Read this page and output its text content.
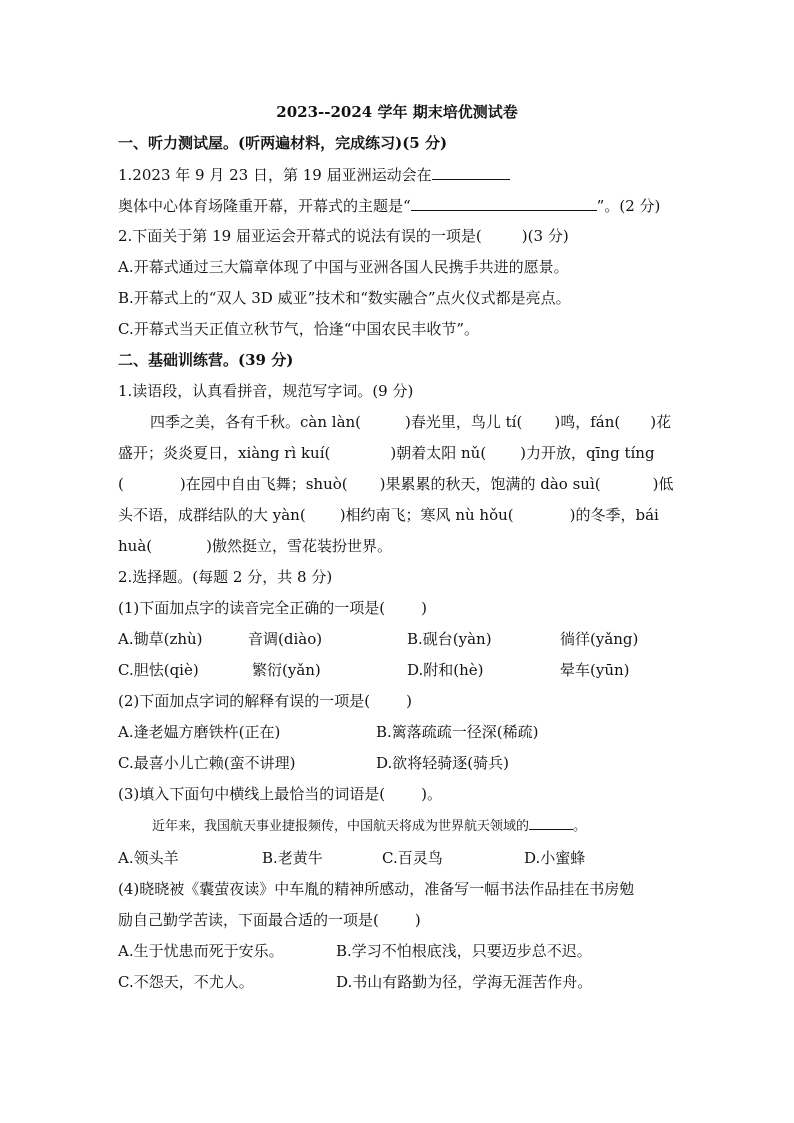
2023--2024 学年 期末培优测试卷
一、听力测试屋。(听两遍材料，完成练习)(5 分)
1.2023 年 9 月 23 日，第 19 届亚洲运动会在
奥体中心体育场隆重开幕，开幕式的主题是“	”。(2 分)
2.下面关于第 19 届亚运会开幕式的说法有误的一项是(	)(3 分)
A.开幕式通过三大篇章体现了中国与亚洲各国人民携手共进的愿景。
B.开幕式上的“双人 3D 威亚”技术和“数实融合”点火仪式都是亮点。
C.开幕式当天正值立秋节气，恰逢“中国农民丰收节”。
二、基础训练营。(39 分)
1.读语段，认真看拼音，规范写字词。(9 分)
四季之美，各有千秋。càn làn(	)春光里，鸟儿 tí( )鸣，fán( )花
盛开；炎炎夏日，xiàng rì kuí(	)朝着太阳 nǔ( )力开放，qīng tíng
(	)在园中自由飞舞；shuò( )果累累的秋天，饱满的 dào suì(	)低
头不语，成群结队的大 yàn( )相约南飞；寒风 nù hǒu(	)的冬季，bái
huà(	)傲然挺立，雪花装扮世界。
2.选择题。(每题 2 分，共 8 分)
(1)下面加点字的读音完全正确的一项是( )
A.锄草(zhù)	音调(diào)	B.砚台(yàn)	徜徉(yǎng)
C.胆怯(qiè)	繁衍(yǎn)	D.附和(hè)	晕车(yūn)
(2)下面加点字词的解释有误的一项是( )
A.逢老媪方磨铁杵(正在)	B.篱落疏疏一径深(稀疏)
C.最喜小儿亡赖(蛮不讲理)	D.欲将轻骑逐(骑兵)
(3)填入下面句中横线上最恰当的词语是( )。
近年来，我国航天事业捷报频传，中国航天将成为世界航天领域的	。
A.领头羊	B.老黄牛	C.百灵鸟	D.小蜜蜂
(4)晓晓被《囊萤夜读》中车胤的精神所感动，准备写一幅书法作品挂在书房勉
励自己勤学苦读，下面最合适的一项是( )
A.生于忧患而死于安乐。	B.学习不怕根底浅，只要迈步总不迟。
C.不怨天，不尤人。	D.书山有路勤为径，学海无涯苦作舟。
